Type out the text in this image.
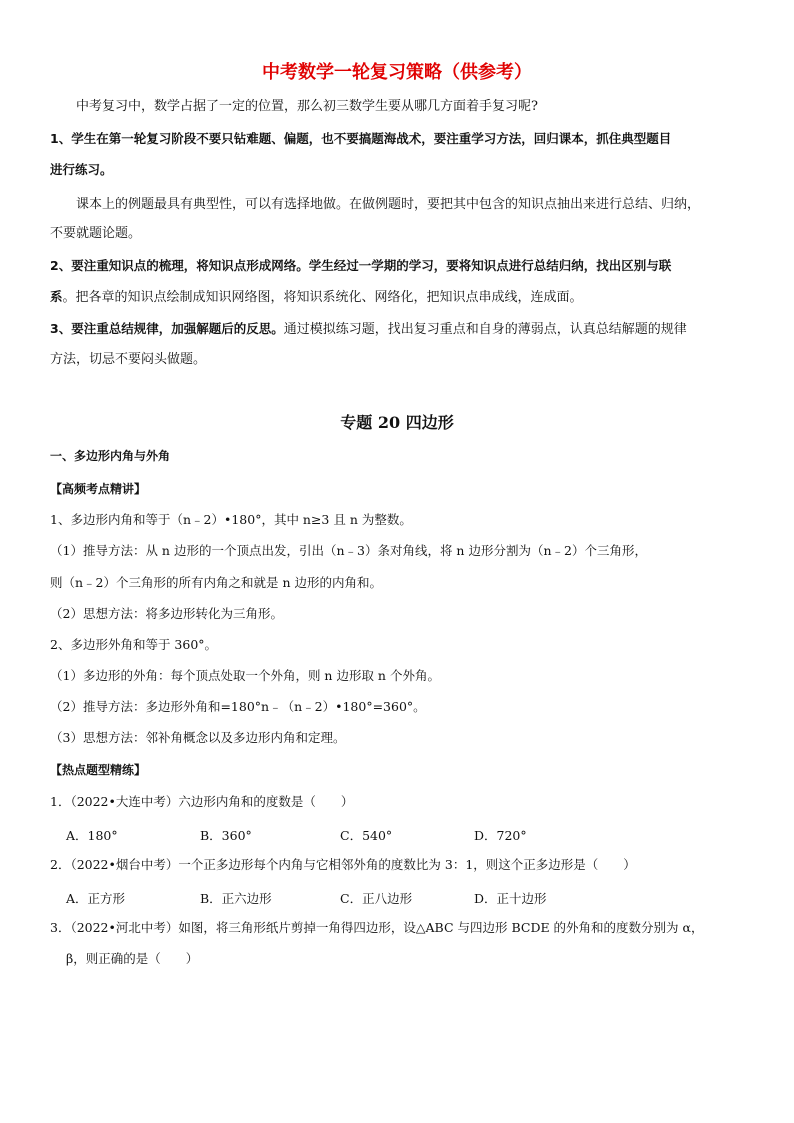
中考数学一轮复习策略（供参考）
中考复习中，数学占据了一定的位置，那么初三数学生要从哪几方面着手复习呢?
1、学生在第一轮复习阶段不要只钻难题、偏题，也不要搞题海战术，要注重学习方法，回归课本，抓住典型题目
进行练习。
课本上的例题最具有典型性，可以有选择地做。在做例题时，要把其中包含的知识点抽出来进行总结、归纳，
不要就题论题。
2、要注重知识点的梳理，将知识点形成网络。学生经过一学期的学习，要将知识点进行总结归纳，找出区别与联
系。把各章的知识点绘制成知识网络图，将知识系统化、网络化，把知识点串成线，连成面。
3、要注重总结规律，加强解题后的反思。通过模拟练习题，找出复习重点和自身的薄弱点，认真总结解题的规律
方法，切忌不要闷头做题。
专题 20 四边形
一、多边形内角与外角
【高频考点精讲】
1、多边形内角和等于（n﹣2）•180°，其中 n≥3 且 n 为整数。
（1）推导方法：从 n 边形的一个顶点出发，引出（n﹣3）条对角线，将 n 边形分割为（n﹣2）个三角形，
则（n﹣2）个三角形的所有内角之和就是 n 边形的内角和。
（2）思想方法：将多边形转化为三角形。
2、多边形外角和等于 360°。
（1）多边形的外角：每个顶点处取一个外角，则 n 边形取 n 个外角。
（2）推导方法：多边形外角和=180°n﹣（n﹣2）•180°=360°。
（3）思想方法：邻补角概念以及多边形内角和定理。
【热点题型精练】
1．（2022•大连中考）六边形内角和的度数是（　　）
A．180°	B．360°	C．540°	D．720°
2．（2022•烟台中考）一个正多边形每个内角与它相邻外角的度数比为 3：1，则这个正多边形是（　　）
A．正方形	B．正六边形	C．正八边形	D．正十边形
3．（2022•河北中考）如图，将三角形纸片剪掉一角得四边形，设△ABC 与四边形 BCDE 的外角和的度数分别为 α，
β，则正确的是（　　）
